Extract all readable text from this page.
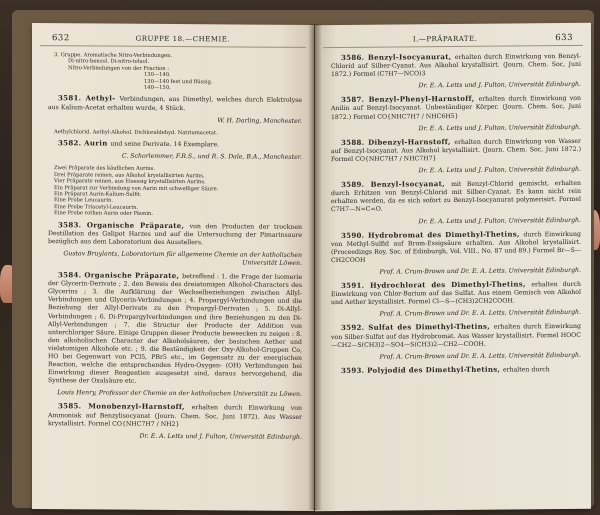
632	GRUPPE 18.—CHEMIE.
3. Gruppe. Aromatische Nitro-Verbindungen.
Di-nitro-benzol. Di-nitro-toluol.
Nitro-Verbindungen von der Fraction :
130—140.
130—140 fest und flüssig.
140—150.
3581. Aethyl- Verbindungen, aus Dimethyl, welches durch Elektrolyse aus Kalium-Acetat erhalten wurde, 4 Stück.
W. H. Darling, Manchester.
Aethylchlorid. Aethyl-Alkohol. Dichloraldehyd. Natriumacetat.
3582. Aurin und seine Derivate. 14 Exemplare.
C. Schorlemmer, F.R.S., und R. S. Dale, B.A., Manchester.
Zwei Präparate des käuflichen Aurins.
Drei Präparate reinen, aus Alkohol krystallisirten Aurins.
Vier Präparate reinen, aus Eisessig krystallisirten Aurins.
Ein Präparat zur Verbindung von Aurin mit schwefliger Säure.
Ein Präparat Aurin-Kalium-Sulfit.
Eine Probe Leucaurin.
Eine Probe Triacetyl-Leucaurin.
Eine Probe rothen Aurin oder Päonin.
3583. Organische Präparate, von den Producten der trocknen Destillation des Galipot Harzes und auf die Untersuchung der Pimarinsaure bezüglich aus dem Laboratorium des Ausstellers.
Gustav Bruylants, Laboratorium für allgemeine Chemie an der katholischen Universität Löwen.
3584. Organische Präparate, betreffend : 1. die Frage der Isomerie der Glycerin-Derivate ; 2. den Beweis des dreiatomigen Alkohol-Characters des Glycerins ; 3. die Aufklärung der Wechselbeziehungen zwischen Allyl-Verbindungen und Glycerin-Verbindungen ; 4. Propargyl-Verbindungen und die Beziehung der Allyl-Derivate zu den Propargyl-Derivaten ; 5. Di-Allyl-Verbindungen ; 6. Di-Propargylverbindungen und ihre Beziehungen zu den Di-Allyl-Verbindungen ; 7. die Structur der Producte der Addition von unterchloriger Säure. Einige Gruppen dieser Producte beweecken zu zeigen : 8. den alkoholischen Character der Alkoholsäuren, der basischen Aether und vielatomigen Alkohole etc. ; 9. die Beständigkeit der Oxy-Alkohol-Gruppen Co, HO bei Gegenwart von PCl5, PBr5 etc., im Gegensatz zu der energischen Reaction, welche die entsprechenden Hydro-Oxygen- (OH) Verbindungen bei Einwirkung dieser Reagentien ausgesetzt sind, daraus hervorgehend, die Synthese der Oxalsäure etc.
Louis Henry, Professor der Chemie an der katholischen Universität zu Löwen.
3585. Monobenzyl-Harnstoff, erhalten durch Einwirkung von Ammoniak auf Benzylisocyanat (Journ. Chem. Soc, Juni 1872). Aus Wasser krystallisirt. Formel CO{NHC7H7 / NH2}
Dr. E. A. Letts und J. Fulton, Universität Edinburgh.
I.—PRÄPARATE.	633
3586. Benzyl-Isocyanurat, erhalten durch Einwirkung von Benzyl-Chlorid auf Silber-Cyanat. Aus Alkohol krystallisirt. (Journ. Chem. Soc, Juni 1872.) Formel (C7H7—NCO)3
Dr. E. A. Letts und J. Fulton, Universität Edinburgh.
3587. Benzyl-Phenyl-Harnstoff, erhalten durch Einwirkung von Anilin auf Benzyl-Isocyanat. Unbeständiger Körper. (Journ. Chem. Soc, Juni 1872.) Formel CO{NHC7H7 / NHC6H5}
Dr. E. A. Letts und J. Fulton, Universität Edinburgh.
3588. Dibenzyl-Harnstoff, erhalten durch Einwirkung von Wasser auf Benzyl-Isocyanat. Aus Alkohol krystallisirt. (Journ. Chem. Soc, Juni 1872.) Formel CO{NHC7H7 / NHC7H7}
Dr. E. A. Letts und J. Fulton, Universität Edinburgh.
3589. Benzyl-Isocyanat, mit Benzyl-Chlorid gemischt, erhalten durch Erhitzen von Benzyl-Chlorid mit Silber-Cyanat. Es kann nicht rein erhalten werden, da es sich sofort zu Benzyl-Isocyanurat polymerisirt. Formel C7H7—N=C=O.
Dr. E. A. Letts und J. Fulton, Universität Edinburgh.
3590. Hydrobromat des Dimethyl-Thetins, durch Einwirkung von Methyl-Sulfid auf Brom-Essigsäure erhalten. Aus Alkohol krystallisirt. (Proceedings Roy. Soc. of Edinburgh, Vol. VIII., No. 87 und 89.) Formel Br—S—CH2COOH
Prof. A. Crum-Brown und Dr. E. A. Letts, Universität Edinburgh.
3591. Hydrochlorat des Dimethyl-Thetins, erhalten durch Einwirkung von Chlor-Barium auf das Sulfat. Aus einem Gemisch von Alkohol und Aether krystallisirt. Formel Cl—S—(CH3)2CH2COOH.
Prof. A. Crum-Brown und Dr. E. A. Letts, Universität Edinburgh.
3592. Sulfat des Dimethyl-Thetins, erhalten durch Einwirkung von Silber-Sulfat auf das Hydrobromat. Aus Wasser krystallisirt. Formel HOOC—CH2—S(CH3)2—SO4—S(CH3)2—CH2—COOH.
Prof. A. Crum-Brown und Dr. E. A. Letts, Universität Edinburgh.
3593. Polyjodid des Dimethyl-Thetins, erhalten durch
